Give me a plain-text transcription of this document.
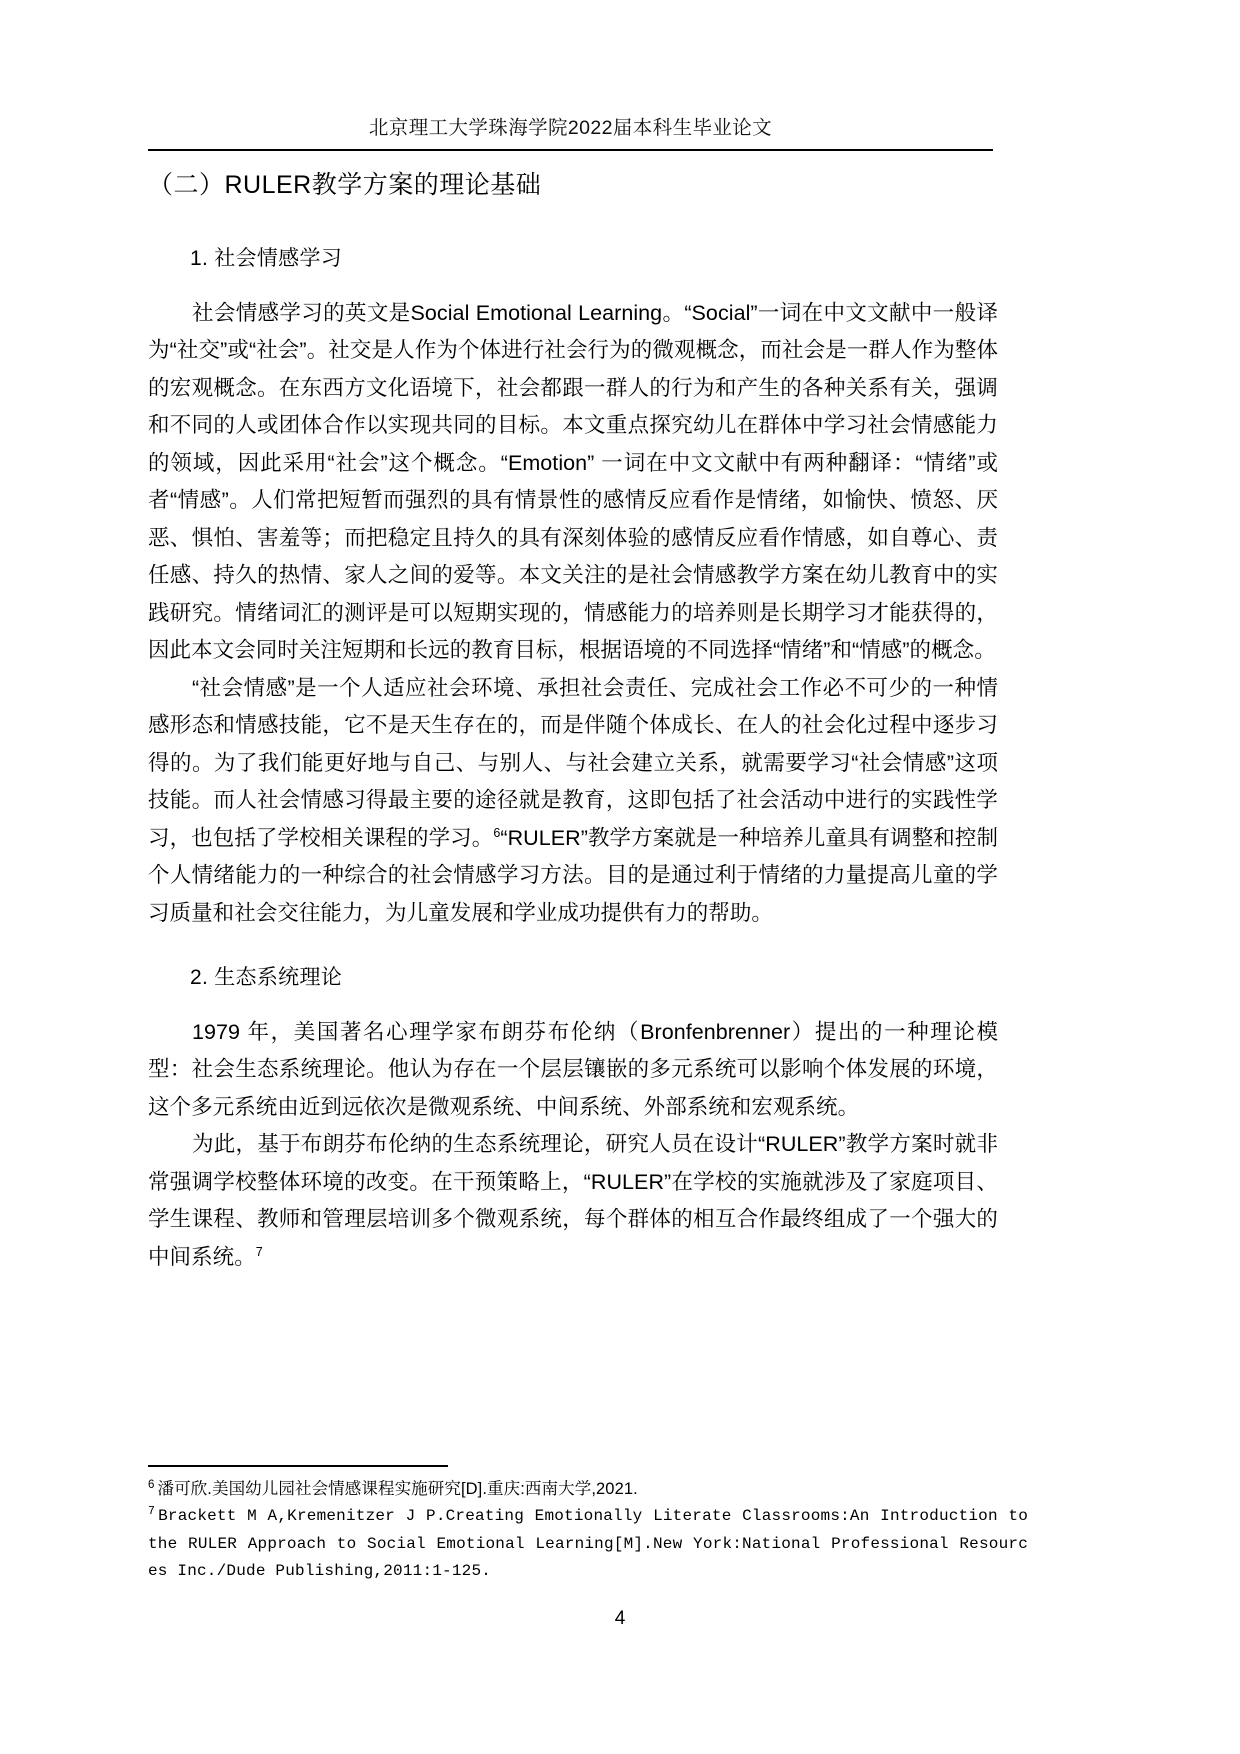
北京理工大学珠海学院2022届本科生毕业论文
（二）RULER教学方案的理论基础
1. 社会情感学习

社会情感学习的英文是Social Emotional Learning。“Social”一词在中文文献中一般译为“社交”或“社会”。社交是人作为个体进行社会行为的微观概念，而社会是一群人作为整体的宏观概念。在东西方文化语境下，社会都跟一群人的行为和产生的各种关系有关，强调和不同的人或团体合作以实现共同的目标。本文重点探究幼儿在群体中学习社会情感能力的领域，因此采用“社会”这个概念。“Emotion” 一词在中文文献中有两种翻译：“情绪”或者“情感”。人们常把短暂而强烈的具有情景性的感情反应看作是情绪，如愉快、愤怒、厌恶、惧怕、害羞等；而把稳定且持久的具有深刻体验的感情反应看作情感，如自尊心、责任感、持久的热情、家人之间的爱等。本文关注的是社会情感教学方案在幼儿教育中的实践研究。情绪词汇的测评是可以短期实现的，情感能力的培养则是长期学习才能获得的，因此本文会同时关注短期和长远的教育目标，根据语境的不同选择“情绪”和“情感”的概念。

“社会情感”是一个人适应社会环境、承担社会责任、完成社会工作必不可少的一种情感形态和情感技能，它不是天生存在的，而是伴随个体成长、在人的社会化过程中逐步习得的。为了我们能更好地与自己、与别人、与社会建立关系，就需要学习“社会情感”这项技能。而人社会情感习得最主要的途径就是教育，这即包括了社会活动中进行的实践性学习，也包括了学校相关课程的学习。$^6$“RULER”教学方案就是一种培养儿童具有调整和控制个人情绪能力的一种综合的社会情感学习方法。目的是通过利于情绪的力量提高儿童的学习质量和社会交往能力，为儿童发展和学业成功提供有力的帮助。

2. 生态系统理论

1979 年，美国著名心理学家布朗芬布伦纳（Bronfenbrenner）提出的一种理论模型：社会生态系统理论。他认为存在一个层层镶嵌的多元系统可以影响个体发展的环境，这个多元系统由近到远依次是微观系统、中间系统、外部系统和宏观系统。

为此，基于布朗芬布伦纳的生态系统理论，研究人员在设计“RULER”教学方案时就非常强调学校整体环境的改变。在干预策略上，“RULER”在学校的实施就涉及了家庭项目、学生课程、教师和管理层培训多个微观系统，每个群体的相互合作最终组成了一个强大的中间系统。$^7$

$^6$ 潘可欣.美国幼儿园社会情感课程实施研究[D].重庆:西南大学,2021.

$^7$ Brackett M A,Kremenitzer J P.Creating Emotionally Literate Classrooms:An Introduction to the RULER Approach to Social Emotional Learning[M].New York:National Professional Resources Inc./Dude Publishing,2011:1-125.

4
